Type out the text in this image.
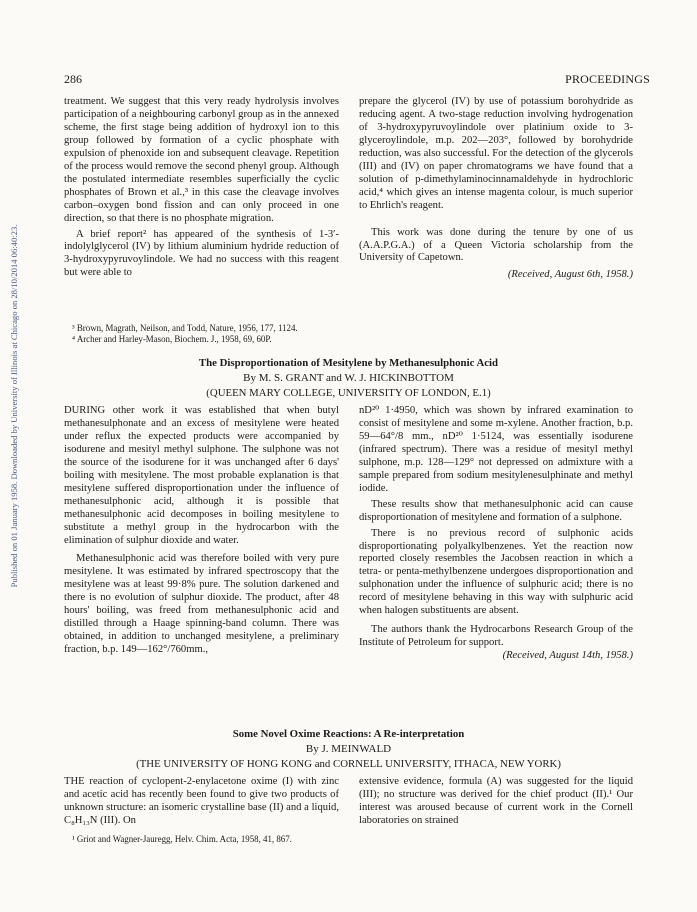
Published on 01 January 1958. Downloaded by University of Illinois at Chicago on 28/10/2014 06:40:23.
286	PROCEEDINGS

treatment. We suggest that this very ready hydrolysis involves participation of a neighbouring carbonyl group as in the annexed scheme, the first stage being addition of hydroxyl ion to this group followed by formation of a cyclic phosphate with expulsion of phenoxide ion and subsequent cleavage. Repetition of the process would remove the second phenyl group. Although the postulated intermediate resembles superficially the cyclic phosphates of Brown et al.,³ in this case the cleavage involves carbon–oxygen bond fission and can only proceed in one direction, so that there is no phosphate migration.

A brief report² has appeared of the synthesis of 1-3′-indolylglycerol (IV) by lithium aluminium hydride reduction of 3-hydroxypyruvoylindole. We had no success with this reagent but were able to

prepare the glycerol (IV) by use of potassium borohydride as reducing agent. A two-stage reduction involving hydrogenation of 3-hydroxypyruvoylindole over platinium oxide to 3-glyceroylindole, m.p. 202—203°, followed by borohydride reduction, was also successful. For the detection of the glycerols (III) and (IV) on paper chromatograms we have found that a solution of p-dimethylaminocinnamaldehyde in hydrochloric acid,⁴ which gives an intense magenta colour, is much superior to Ehrlich's reagent.

This work was done during the tenure by one of us (A.A.P.G.A.) of a Queen Victoria scholarship from the University of Capetown.

(Received, August 6th, 1958.)

³ Brown, Magrath, Neilson, and Todd, Nature, 1956, 177, 1124.
⁴ Archer and Harley-Mason, Biochem. J., 1958, 69, 60P.
The Disproportionation of Mesitylene by Methanesulphonic Acid
By M. S. GRANT and W. J. HICKINBOTTOM
(QUEEN MARY COLLEGE, UNIVERSITY OF LONDON, E.1)

DURING other work it was established that when butyl methanesulphonate and an excess of mesitylene were heated under reflux the expected products were accompanied by isodurene and mesityl methyl sulphone. The sulphone was not the source of the isodurene for it was unchanged after 6 days' boiling with mesitylene. The most probable explanation is that mesitylene suffered disproportionation under the influence of methanesulphonic acid, although it is possible that methanesulphonic acid decomposes in boiling mesitylene to substitute a methyl group in the hydrocarbon with the elimination of sulphur dioxide and water.

Methanesulphonic acid was therefore boiled with very pure mesitylene. It was estimated by infrared spectroscopy that the mesitylene was at least 99·8% pure. The solution darkened and there is no evolution of sulphur dioxide. The product, after 48 hours' boiling, was freed from methanesulphonic acid and distilled through a Haage spinning-band column. There was obtained, in addition to unchanged mesitylene, a preliminary fraction, b.p. 149—162°/760mm.,

nD²⁰ 1·4950, which was shown by infrared examination to consist of mesitylene and some m-xylene. Another fraction, b.p. 59—64°/8 mm., nD²⁰ 1·5124, was essentially isodurene (infrared spectrum). There was a residue of mesityl methyl sulphone, m.p. 128—129° not depressed on admixture with a sample prepared from sodium mesitylenesulphinate and methyl iodide.

These results show that methanesulphonic acid can cause disproportionation of mesitylene and formation of a sulphone.

There is no previous record of sulphonic acids disproportionating polyalkylbenzenes. Yet the reaction now reported closely resembles the Jacobsen reaction in which a tetra- or penta-methylbenzene undergoes disproportionation and sulphonation under the influence of sulphuric acid; there is no record of mesitylene behaving in this way with sulphuric acid when halogen substituents are absent.

The authors thank the Hydrocarbons Research Group of the Institute of Petroleum for support.

(Received, August 14th, 1958.)

Some Novel Oxime Reactions: A Re-interpretation
By J. MEINWALD
(THE UNIVERSITY OF HONG KONG and CORNELL UNIVERSITY, ITHACA, NEW YORK)

THE reaction of cyclopent-2-enylacetone oxime (I) with zinc and acetic acid has recently been found to give two products of unknown structure: an isomeric crystalline base (II) and a liquid, C₈H₁₃N (III). On

extensive evidence, formula (A) was suggested for the liquid (III); no structure was derived for the chief product (II).¹ Our interest was aroused because of current work in the Cornell laboratories on strained

¹ Griot and Wagner-Jauregg, Helv. Chim. Acta, 1958, 41, 867.
